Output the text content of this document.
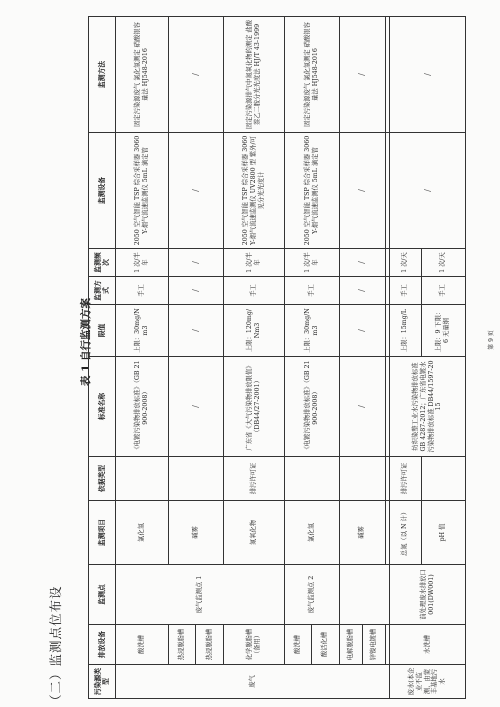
（二）监测点位布设
表 1 自行监测方案
污染源类型	排放设备	监测点	监测项目	依据类型	标准名称	限值	监测方式	监测频次	监测设备	监测方法
废气	酸洗槽	废气监测点 1	氯化氢		《电镀污染物排放标准》（GB 21900-2008）	上限：30mg/Nm3	手工	1 次/半年	2050 空气智能 TSP 综合采样器 3060Y-烟气流速监测仪 5mL 滴定管	固定污染源废气 氯化氢测定 硝酸银容量法 HJ548-2016
	热浸脱脂槽		碱雾		/	/	/	/	/	/
	热浸脱脂槽									
	化学脱脂槽（备用）		氮氧化物	排污许可证	广东省《大气污染物排放限值》（DB44/27-2001）	上限：120mg/Nm3	手工	1 次/半年	2050 空气智能 TSP 综合采样器 3060Y-烟气流速监测仪 UV2800 型 紫外/可见分光光度计	固定污染源排气中氮氧化物的测定 盐酸萘乙二胺分光光度法 HJ/T 43-1999
	酸洗槽	废气监测点 2	氯化氢		《电镀污染物排放标准》（GB 21900-2008）	上限：30mg/Nm3	手工	1 次/半年	2050 空气智能 TSP 综合采样器 3060Y-烟气流速监测仪 5mL 滴定管	固定污染源废气 氯化氢测定 硝酸银容量法 HJ548-2016
	酸活化槽									
	电解脱脂槽		碱雾		/	/	/	/	/	/
	锌镍电镀槽									

废水(本企业不监测，由蒙丰基地污水	水洗槽	前处理废水排放口 001(DW001)	总氮（以 N 计）	排污许可证	纺织染整工业水污染物排放标准 GB 4287-2012；广东省电镀水污染物排放标准 DB44/1597-2015	上限：15mg/L	手工	1 次/天	/	/
			pH 值			上限：9 下限：6 无量纲	手工	1 次/天		
第 9 页
